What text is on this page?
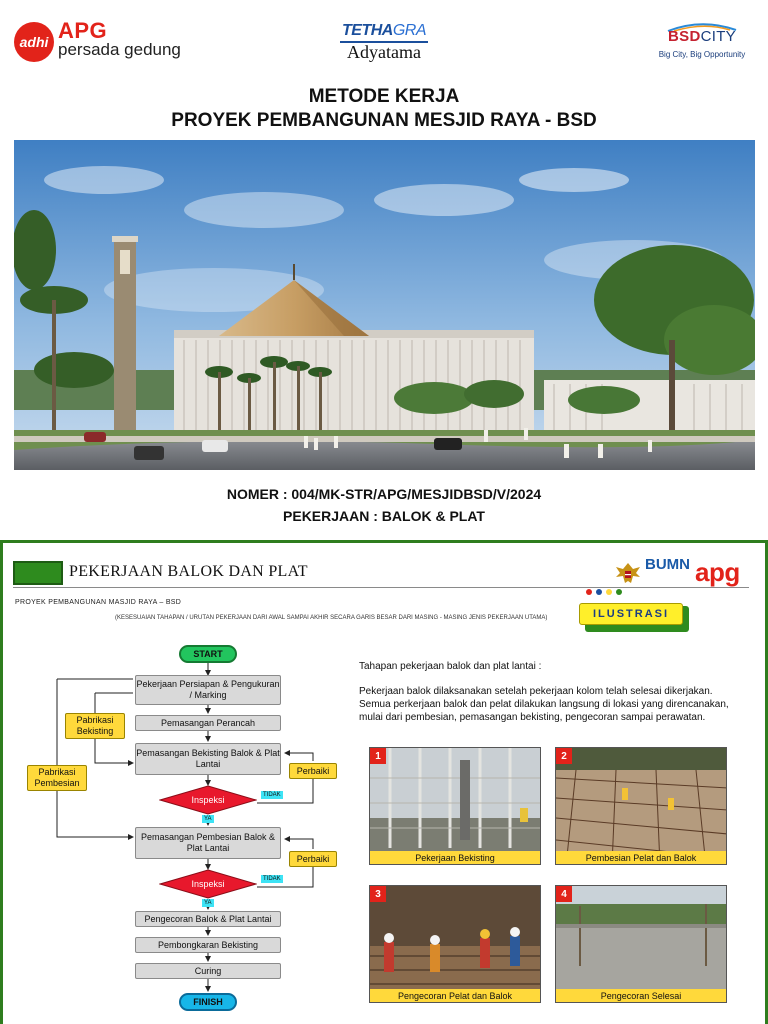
adhi APG
persada gedung
TETHAGRA
Adyatama
BSDCITY
Big City, Big Opportunity
METODE KERJA
PROYEK PEMBANGUNAN MESJID RAYA - BSD
NOMER : 004/MK-STR/APG/MESJIDBSD/V/2024
PEKERJAAN : BALOK & PLAT
PEKERJAAN BALOK DAN PLAT
PROYEK PEMBANGUNAN MASJID RAYA – BSD
(KESESUAIAN TAHAPAN / URUTAN PEKERJAAN DARI AWAL SAMPAI AKHIR SECARA GARIS BESAR DARI MASING - MASING JENIS PEKERJAAN UTAMA)
BUMN apg
ILUSTRASI
START
Pekerjaan Persiapan & Pengukuran / Marking
Pemasangan Perancah
Pemasangan Bekisting Balok & Plat Lantai
Inspeksi	TIDAK
YA
Perbaiki
Pemasangan Pembesian Balok & Plat Lantai
Inspeksi	TIDAK
YA
Perbaiki
Pengecoran Balok & Plat Lantai
Pembongkaran Bekisting
Curing
FINISH
Pabrikasi Bekisting
Pabrikasi Pembesian
Tahapan pekerjaan balok dan plat lantai :
Pekerjaan balok dilaksanakan setelah pekerjaan kolom telah selesai dikerjakan. Semua perkerjaan balok dan pelat dilakukan langsung di lokasi yang direncanakan, mulai dari pembesian, pemasangan bekisting, pengecoran sampai perawatan.
1
Pekerjaan Bekisting
2
Pembesian Pelat dan Balok
3
Pengecoran Pelat dan Balok
4
Pengecoran Selesai
